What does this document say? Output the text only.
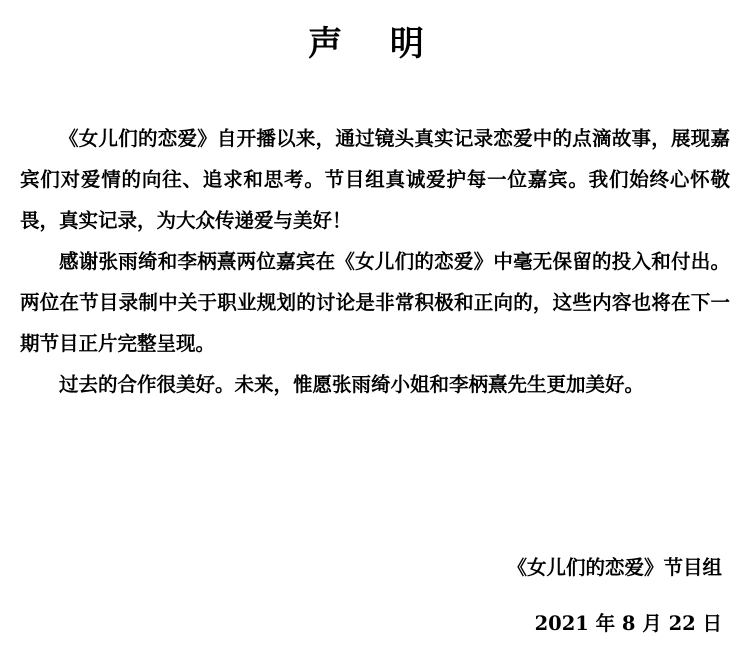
声 明

《女儿们的恋爱》自开播以来，通过镜头真实记录恋爱中的点滴故事，展现嘉宾们对爱情的向往、追求和思考。节目组真诚爱护每一位嘉宾。我们始终心怀敬畏，真实记录，为大众传递爱与美好！

感谢张雨绮和李柄熹两位嘉宾在《女儿们的恋爱》中毫无保留的投入和付出。两位在节目录制中关于职业规划的讨论是非常积极和正向的，这些内容也将在下一期节目正片完整呈现。

过去的合作很美好。未来，惟愿张雨绮小姐和李柄熹先生更加美好。

《女儿们的恋爱》节目组
2021 年 8 月 22 日
